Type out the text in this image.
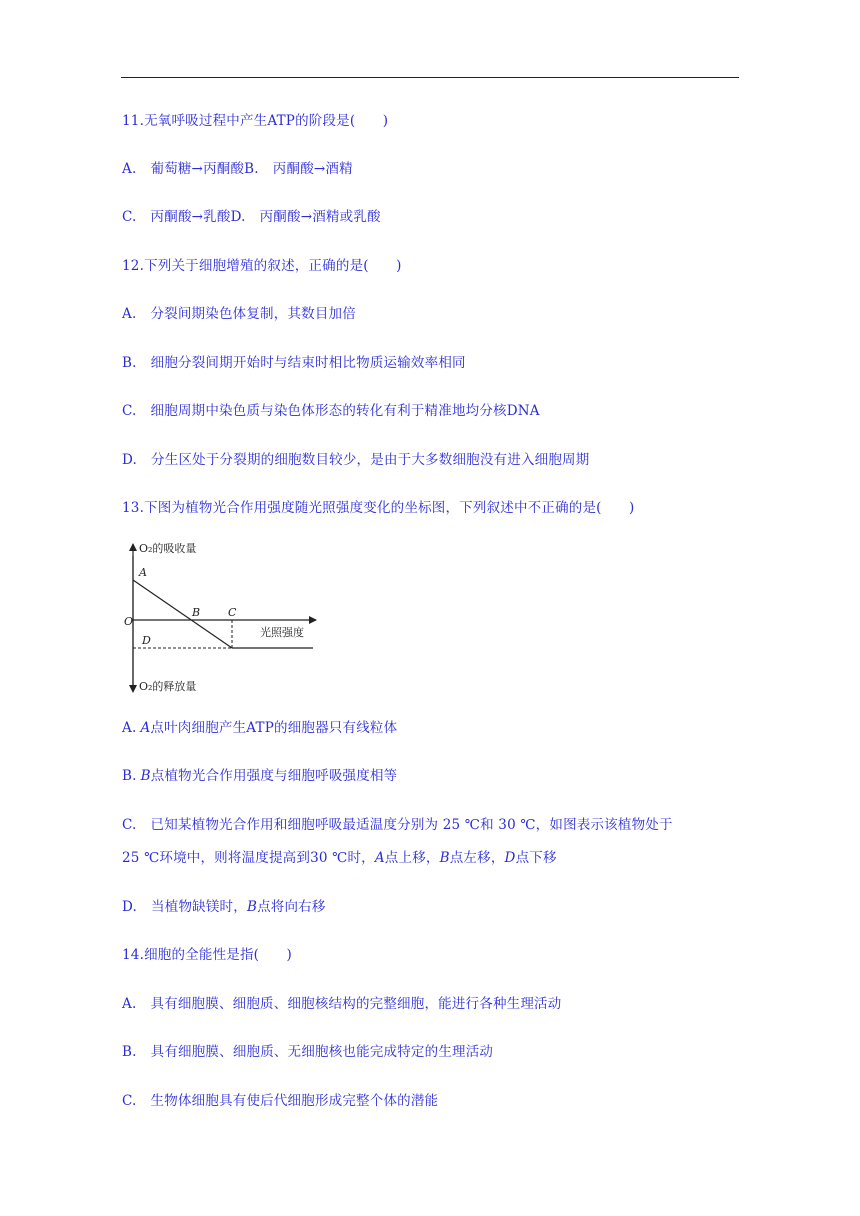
11.无氧呼吸过程中产生ATP的阶段是(　　)
A. 葡萄糖→丙酮酸B. 丙酮酸→酒精
C. 丙酮酸→乳酸D. 丙酮酸→酒精或乳酸
12.下列关于细胞增殖的叙述，正确的是(　　)
A. 分裂间期染色体复制，其数目加倍
B. 细胞分裂间期开始时与结束时相比物质运输效率相同
C. 细胞周期中染色质与染色体形态的转化有利于精准地均分核DNA
D. 分生区处于分裂期的细胞数目较少，是由于大多数细胞没有进入细胞周期
13.下图为植物光合作用强度随光照强度变化的坐标图，下列叙述中不正确的是(　　)
O₂的吸收量
O₂的释放量
光照强度
O
A
B	C
D
A. A点叶肉细胞产生ATP的细胞器只有线粒体
B. B点植物光合作用强度与细胞呼吸强度相等
C. 已知某植物光合作用和细胞呼吸最适温度分别为 25 ℃和 30 ℃，如图表示该植物处于
25 ℃环境中，则将温度提高到30 ℃时，A点上移，B点左移，D点下移
D. 当植物缺镁时，B点将向右移
14.细胞的全能性是指(　　)
A. 具有细胞膜、细胞质、细胞核结构的完整细胞，能进行各种生理活动
B. 具有细胞膜、细胞质、无细胞核也能完成特定的生理活动
C. 生物体细胞具有使后代细胞形成完整个体的潜能
